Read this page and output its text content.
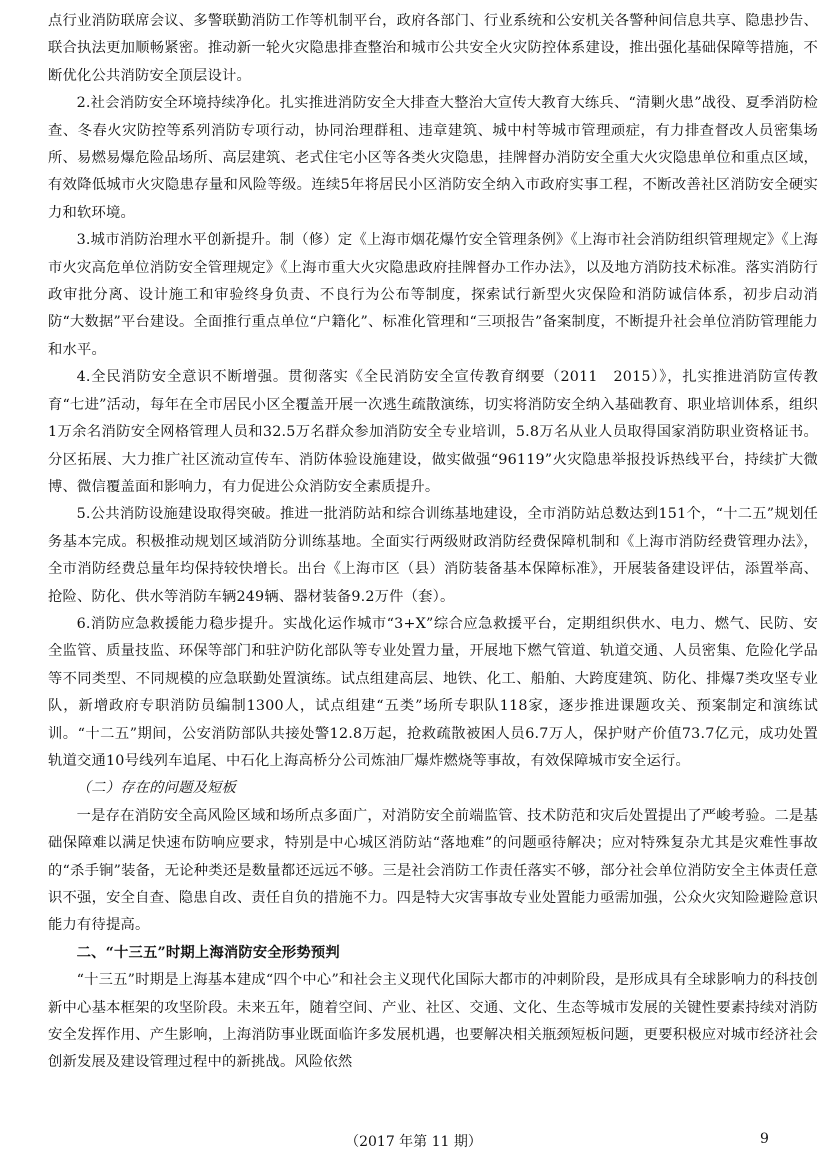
点行业消防联席会议、多警联勤消防工作等机制平台，政府各部门、行业系统和公安机关各警种间信息共享、隐患抄告、联合执法更加顺畅紧密。推动新一轮火灾隐患排查整治和城市公共安全火灾防控体系建设，推出强化基础保障等措施，不断优化公共消防安全顶层设计。

2.社会消防安全环境持续净化。扎实推进消防安全大排查大整治大宣传大教育大练兵、“清剿火患”战役、夏季消防检查、冬春火灾防控等系列消防专项行动，协同治理群租、违章建筑、城中村等城市管理顽症，有力排查督改人员密集场所、易燃易爆危险品场所、高层建筑、老式住宅小区等各类火灾隐患，挂牌督办消防安全重大火灾隐患单位和重点区域，有效降低城市火灾隐患存量和风险等级。连续5年将居民小区消防安全纳入市政府实事工程，不断改善社区消防安全硬实力和软环境。

3.城市消防治理水平创新提升。制（修）定《上海市烟花爆竹安全管理条例》《上海市社会消防组织管理规定》《上海市火灾高危单位消防安全管理规定》《上海市重大火灾隐患政府挂牌督办工作办法》，以及地方消防技术标准。落实消防行政审批分离、设计施工和审验终身负责、不良行为公布等制度，探索试行新型火灾保险和消防诚信体系，初步启动消防“大数据”平台建设。全面推行重点单位“户籍化”、标准化管理和“三项报告”备案制度，不断提升社会单位消防管理能力和水平。

4.全民消防安全意识不断增强。贯彻落实《全民消防安全宣传教育纲要（2011　2015）》，扎实推进消防宣传教育“七进”活动，每年在全市居民小区全覆盖开展一次逃生疏散演练，切实将消防安全纳入基础教育、职业培训体系，组织1万余名消防安全网格管理人员和32.5万名群众参加消防安全专业培训，5.8万名从业人员取得国家消防职业资格证书。分区拓展、大力推广社区流动宣传车、消防体验设施建设，做实做强“96119”火灾隐患举报投诉热线平台，持续扩大微博、微信覆盖面和影响力，有力促进公众消防安全素质提升。

5.公共消防设施建设取得突破。推进一批消防站和综合训练基地建设，全市消防站总数达到151个，“十二五”规划任务基本完成。积极推动规划区域消防分训练基地。全面实行两级财政消防经费保障机制和《上海市消防经费管理办法》，全市消防经费总量年均保持较快增长。出台《上海市区（县）消防装备基本保障标准》，开展装备建设评估，添置举高、抢险、防化、供水等消防车辆249辆、器材装备9.2万件（套）。

6.消防应急救援能力稳步提升。实战化运作城市“3+X”综合应急救援平台，定期组织供水、电力、燃气、民防、安全监管、质量技监、环保等部门和驻沪防化部队等专业处置力量，开展地下燃气管道、轨道交通、人员密集、危险化学品等不同类型、不同规模的应急联勤处置演练。试点组建高层、地铁、化工、船舶、大跨度建筑、防化、排爆7类攻坚专业队，新增政府专职消防员编制1300人，试点组建“五类”场所专职队118家，逐步推进课题攻关、预案制定和演练试训。“十二五”期间，公安消防部队共接处警12.8万起，抢救疏散被困人员6.7万人，保护财产价值73.7亿元，成功处置轨道交通10号线列车追尾、中石化上海高桥分公司炼油厂爆炸燃烧等事故，有效保障城市安全运行。

（二）存在的问题及短板

一是存在消防安全高风险区域和场所点多面广，对消防安全前端监管、技术防范和灾后处置提出了严峻考验。二是基础保障难以满足快速布防响应要求，特别是中心城区消防站“落地难”的问题亟待解决；应对特殊复杂尤其是灾难性事故的“杀手锏”装备，无论种类还是数量都还远远不够。三是社会消防工作责任落实不够，部分社会单位消防安全主体责任意识不强，安全自查、隐患自改、责任自负的措施不力。四是特大灾害事故专业处置能力亟需加强，公众火灾知险避险意识能力有待提高。

二、“十三五”时期上海消防安全形势预判

“十三五”时期是上海基本建成“四个中心”和社会主义现代化国际大都市的冲刺阶段，是形成具有全球影响力的科技创新中心基本框架的攻坚阶段。未来五年，随着空间、产业、社区、交通、文化、生态等城市发展的关键性要素持续对消防安全发挥作用、产生影响，上海消防事业既面临许多发展机遇，也要解决相关瓶颈短板问题，更要积极应对城市经济社会创新发展及建设管理过程中的新挑战。风险依然

（2017 年第 11 期）	9
